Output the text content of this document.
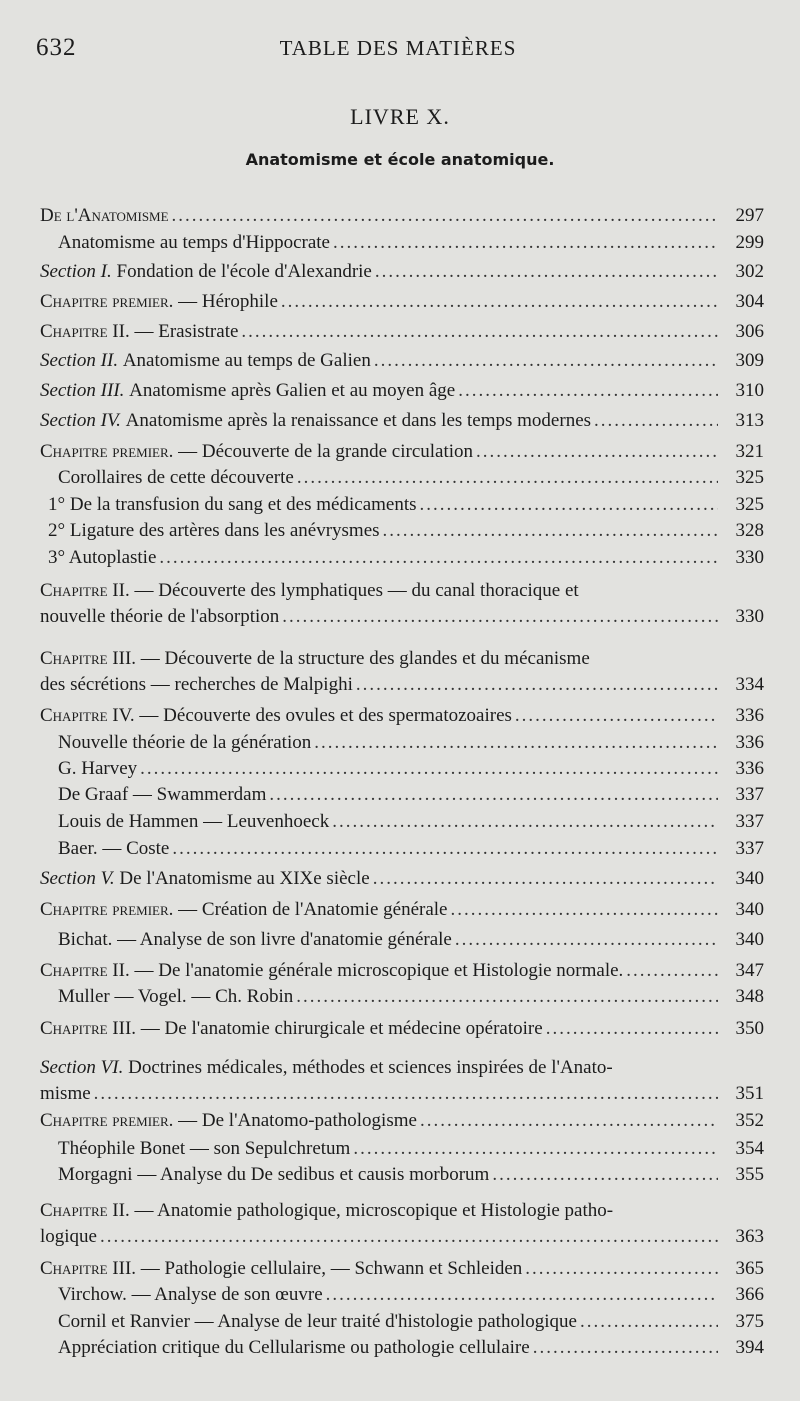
632	TABLE DES MATIÈRES
LIVRE X.
Anatomisme et école anatomique.
De l'Anatomisme .....	297
Anatomisme au temps d'Hippocrate .....	299
Section I. Fondation de l'école d'Alexandrie .....	302
Chapitre premier. — Hérophile .....	304
Chapitre II. — Erasistrate .....	306
Section II. Anatomisme au temps de Galien .....	309
Section III. Anatomisme après Galien et au moyen âge .....	310
Section IV. Anatomisme après la renaissance et dans les temps modernes .....	313
Chapitre premier. — Découverte de la grande circulation .....	321
Corollaires de cette découverte .....	325
1° De la transfusion du sang et des médicaments .....	325
2° Ligature des artères dans les anévrysmes .....	328
3° Autoplastie .....	330
Chapitre II. — Découverte des lymphatiques — du canal thoracique et
nouvelle théorie de l'absorption .....	330
Chapitre III. — Découverte de la structure des glandes et du mécanisme
des sécrétions — recherches de Malpighi .....	334
Chapitre IV. — Découverte des ovules et des spermatozoaires .....	336
Nouvelle théorie de la génération .....	336
G. Harvey .....	336
De Graaf — Swammerdam .....	337
Louis de Hammen — Leuvenhoeck .....	337
Baer. — Coste .....	337
Section V. De l'Anatomisme au XIXe siècle .....	340
Chapitre premier. — Création de l'Anatomie générale .....	340
Bichat. — Analyse de son livre d'anatomie générale .....	340
Chapitre II. — De l'anatomie générale microscopique et Histologie normale. .....	347
Muller — Vogel. — Ch. Robin .....	348
Chapitre III. — De l'anatomie chirurgicale et médecine opératoire .....	350
Section VI. Doctrines médicales, méthodes et sciences inspirées de l'Anato-
misme .....	351
Chapitre premier. — De l'Anatomo-pathologisme .....	352
Théophile Bonet — son Sepulchretum .....	354
Morgagni — Analyse du De sedibus et causis morborum .....	355
Chapitre II. — Anatomie pathologique, microscopique et Histologie patho-
logique .....	363
Chapitre III. — Pathologie cellulaire, — Schwann et Schleiden .....	365
Virchow. — Analyse de son œuvre .....	366
Cornil et Ranvier — Analyse de leur traité d'histologie pathologique .....	375
Appréciation critique du Cellularisme ou pathologie cellulaire .....	394
